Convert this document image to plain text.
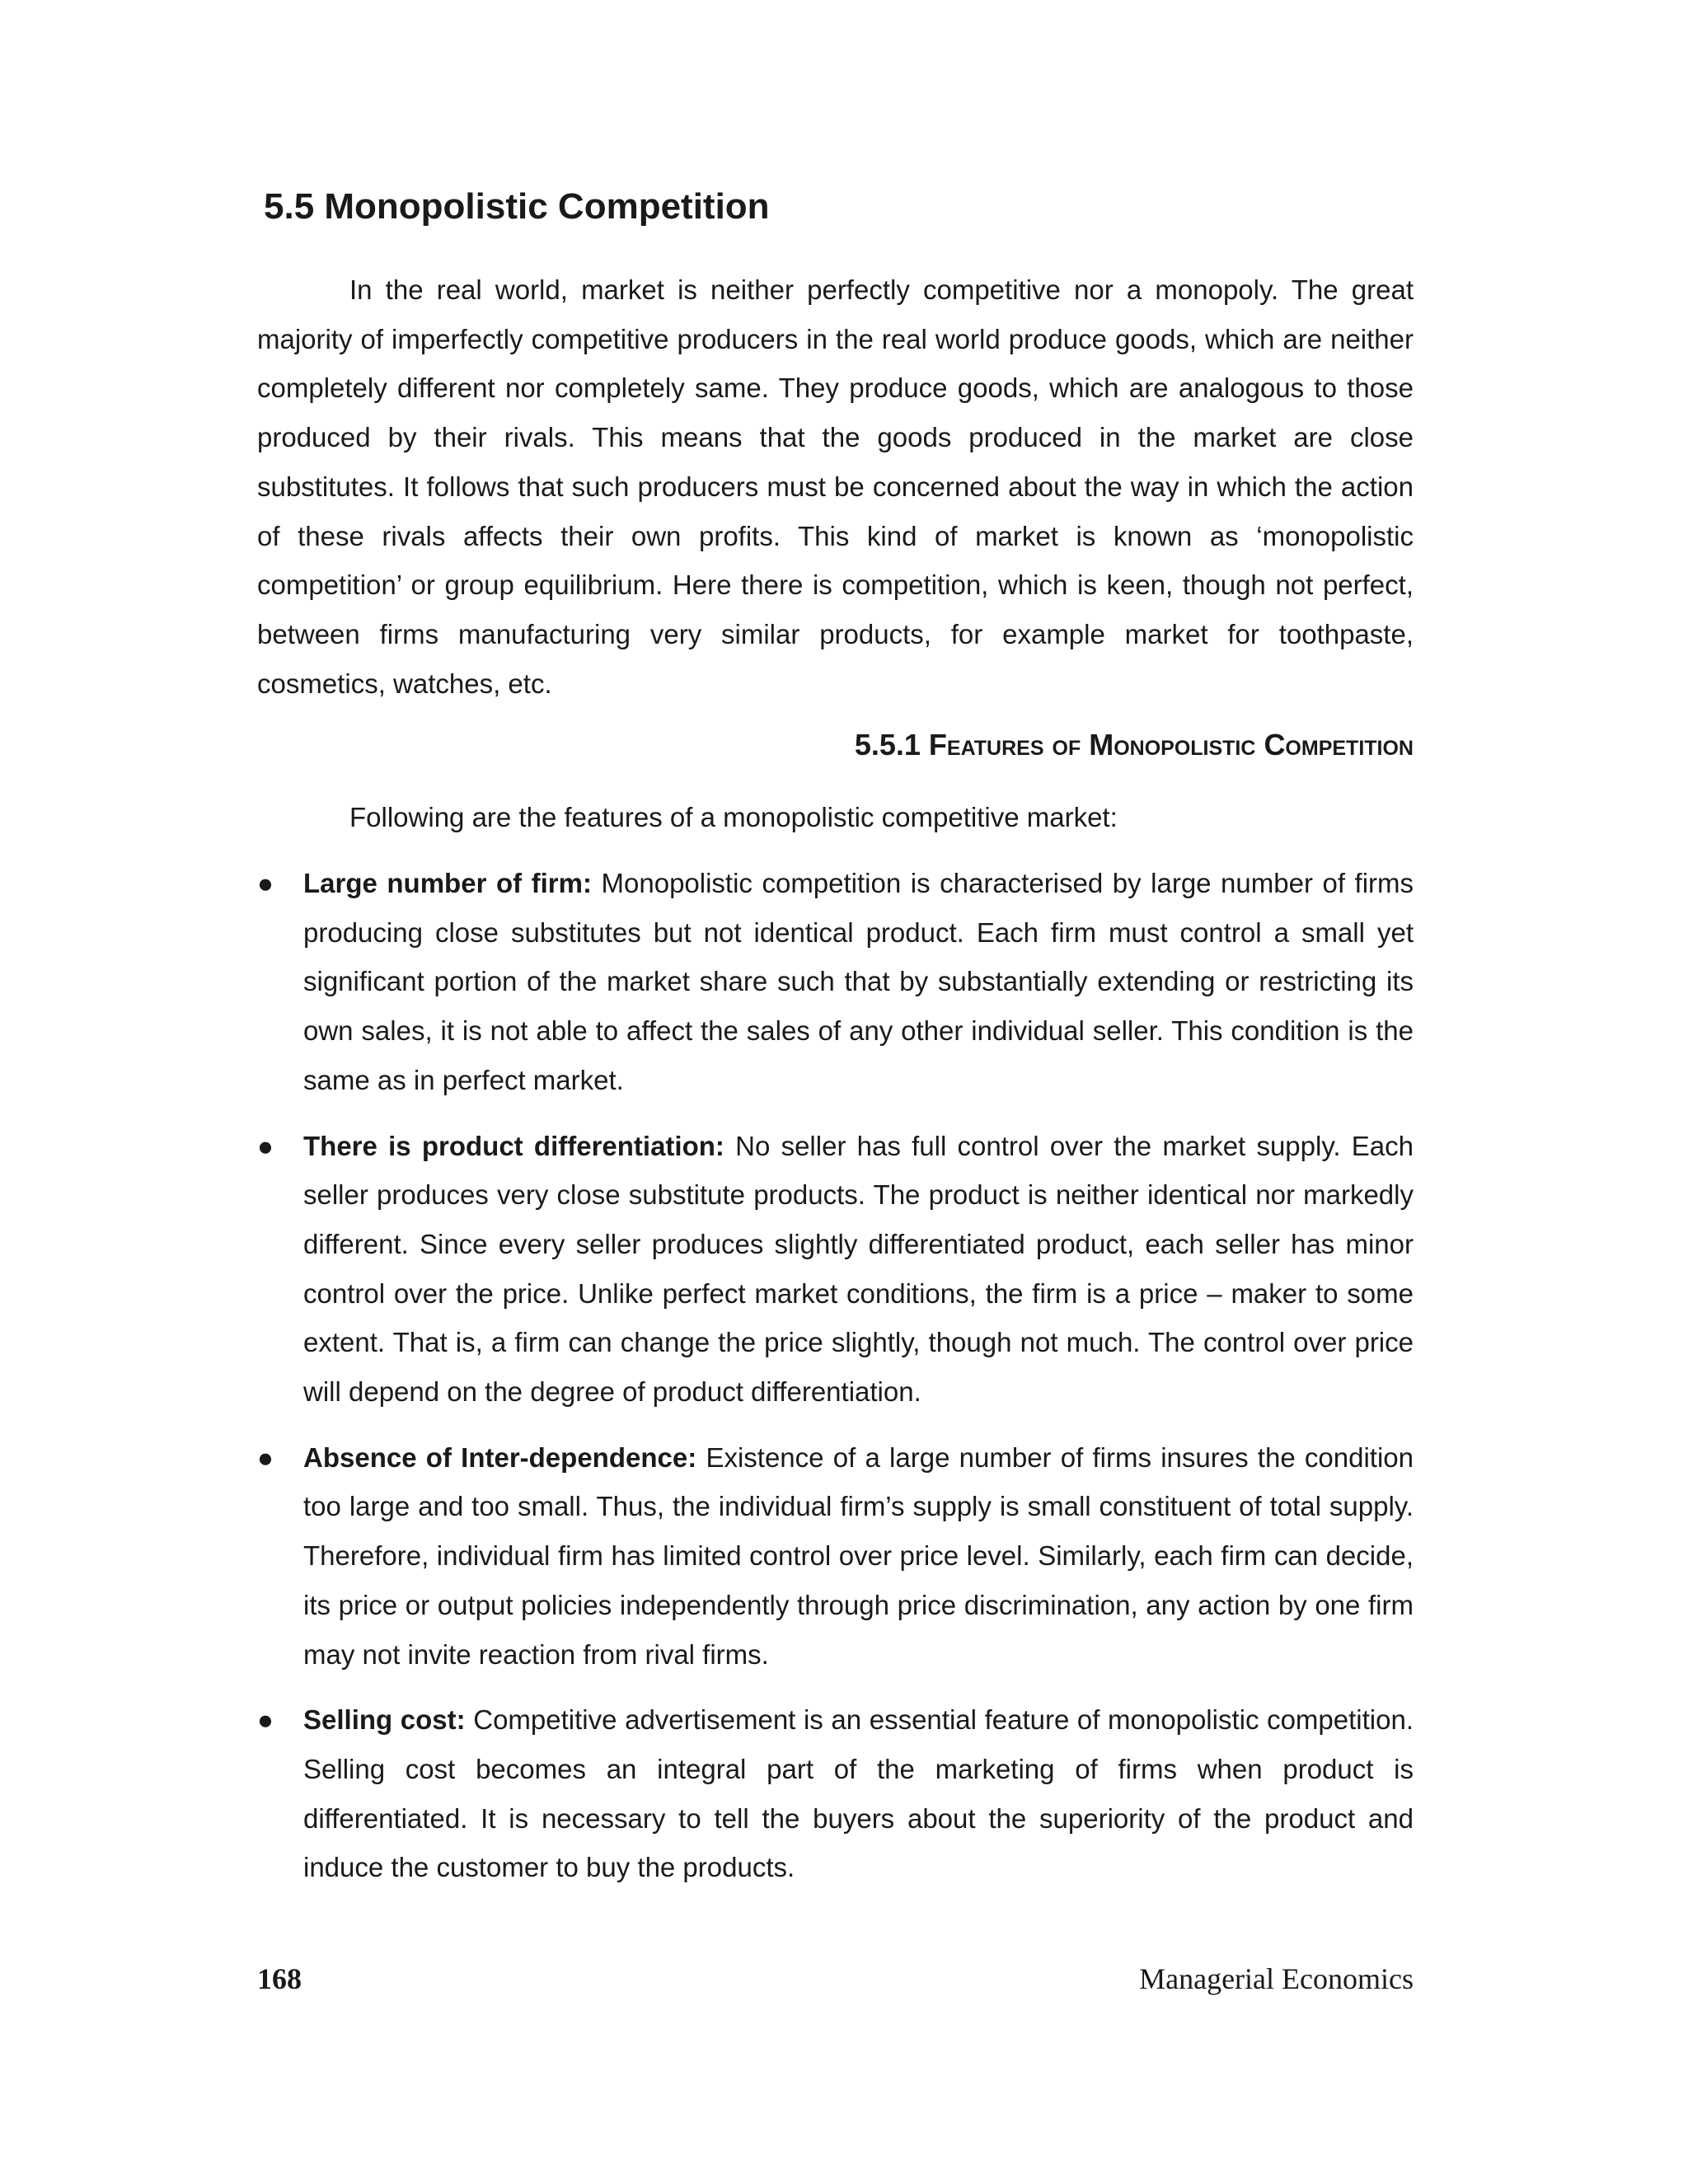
5.5 Monopolistic Competition

In the real world, market is neither perfectly competitive nor a monopoly. The great majority of imperfectly competitive producers in the real world produce goods, which are neither completely different nor completely same. They produce goods, which are analogous to those produced by their rivals. This means that the goods produced in the market are close substitutes. It follows that such producers must be concerned about the way in which the action of these rivals affects their own profits. This kind of market is known as ‘monopolistic competition’ or group equilibrium. Here there is competition, which is keen, though not perfect, between firms manufacturing very similar products, for example market for toothpaste, cosmetics, watches, etc.

5.5.1 Features of Monopolistic Competition

Following are the features of a monopolistic competitive market:

● Large number of firm: Monopolistic competition is characterised by large number of firms producing close substitutes but not identical product. Each firm must control a small yet significant portion of the market share such that by substantially extending or restricting its own sales, it is not able to affect the sales of any other individual seller. This condition is the same as in perfect market.

● There is product differentiation: No seller has full control over the market supply. Each seller produces very close substitute products. The product is neither identical nor markedly different. Since every seller produces slightly differentiated product, each seller has minor control over the price. Unlike perfect market conditions, the firm is a price – maker to some extent. That is, a firm can change the price slightly, though not much. The control over price will depend on the degree of product differentiation.

● Absence of Inter-dependence: Existence of a large number of firms insures the condition too large and too small. Thus, the individual firm’s supply is small constituent of total supply. Therefore, individual firm has limited control over price level. Similarly, each firm can decide, its price or output policies independently through price discrimination, any action by one firm may not invite reaction from rival firms.

● Selling cost: Competitive advertisement is an essential feature of monopolistic competition. Selling cost becomes an integral part of the marketing of firms when product is differentiated. It is necessary to tell the buyers about the superiority of the product and induce the customer to buy the products.

168	Managerial Economics
